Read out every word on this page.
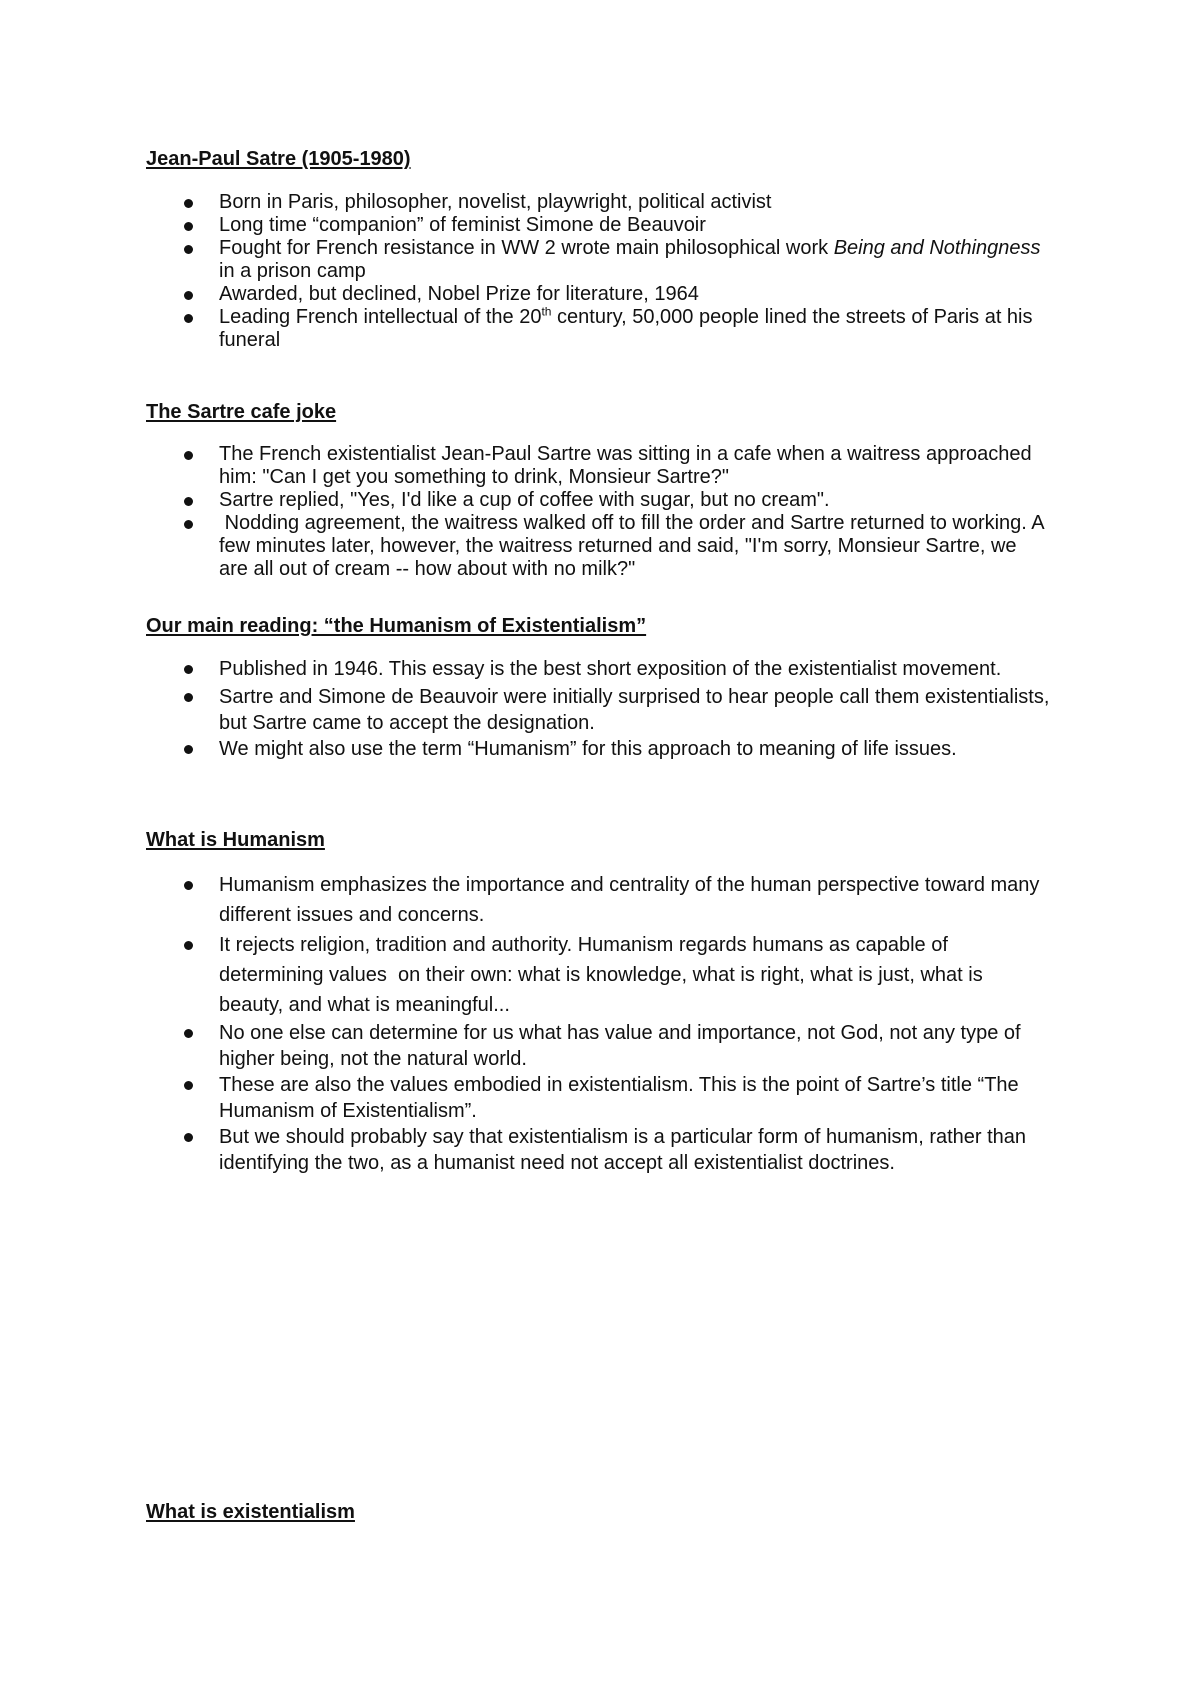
Jean-Paul Satre (1905-1980)
Born in Paris, philosopher, novelist, playwright, political activist
Long time “companion” of feminist Simone de Beauvoir
Fought for French resistance in WW 2 wrote main philosophical work Being and Nothingness in a prison camp
Awarded, but declined, Nobel Prize for literature, 1964
Leading French intellectual of the 20th century, 50,000 people lined the streets of Paris at his funeral
The Sartre cafe joke
The French existentialist Jean-Paul Sartre was sitting in a cafe when a waitress approached him: "Can I get you something to drink, Monsieur Sartre?"
Sartre replied, "Yes, I'd like a cup of coffee with sugar, but no cream".
Nodding agreement, the waitress walked off to fill the order and Sartre returned to working. A few minutes later, however, the waitress returned and said, "I'm sorry, Monsieur Sartre, we are all out of cream -- how about with no milk?"
Our main reading: “the Humanism of Existentialism”
Published in 1946. This essay is the best short exposition of the existentialist movement.
Sartre and Simone de Beauvoir were initially surprised to hear people call them existentialists, but Sartre came to accept the designation.
We might also use the term “Humanism” for this approach to meaning of life issues.
What is Humanism
Humanism emphasizes the importance and centrality of the human perspective toward many different issues and concerns.
It rejects religion, tradition and authority. Humanism regards humans as capable of determining values  on their own: what is knowledge, what is right, what is just, what is beauty, and what is meaningful...
No one else can determine for us what has value and importance, not God, not any type of higher being, not the natural world.
These are also the values embodied in existentialism. This is the point of Sartre’s title “The Humanism of Existentialism”.
But we should probably say that existentialism is a particular form of humanism, rather than identifying the two, as a humanist need not accept all existentialist doctrines.
What is existentialism
